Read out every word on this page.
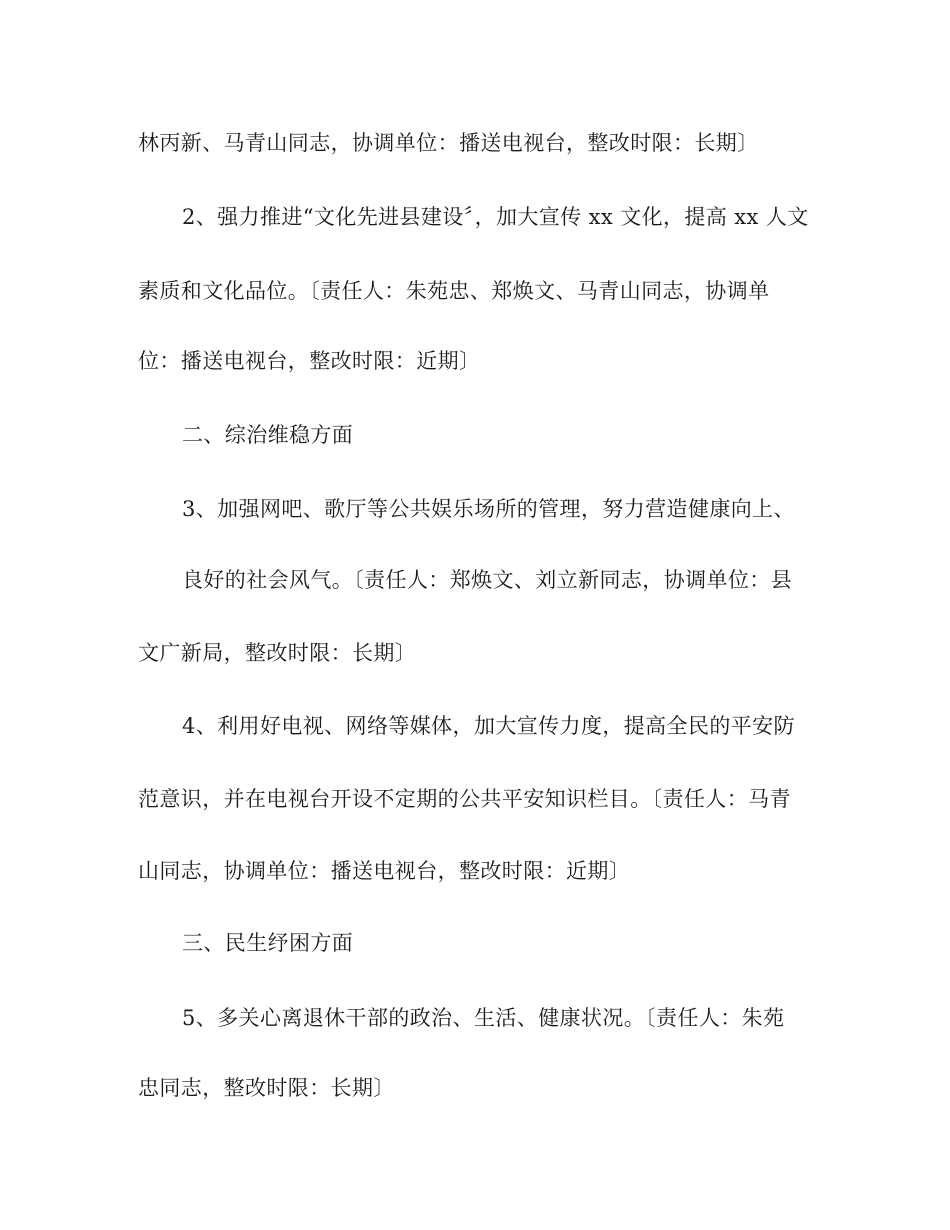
林丙新、马青山同志，协调单位：播送电视台，整改时限：长期〕
2、强力推进“文化先进县建设〞，加大宣传 xx 文化，提高 xx 人文
素质和文化品位。〔责任人：朱苑忠、郑焕文、马青山同志，协调单
位：播送电视台，整改时限：近期〕
二、综治维稳方面
3、加强网吧、歌厅等公共娱乐场所的管理，努力营造健康向上、
良好的社会风气。〔责任人：郑焕文、刘立新同志，协调单位：县
文广新局，整改时限：长期〕
4、利用好电视、网络等媒体，加大宣传力度，提高全民的平安防
范意识，并在电视台开设不定期的公共平安知识栏目。〔责任人：马青
山同志，协调单位：播送电视台，整改时限：近期〕
三、民生纾困方面
5、多关心离退休干部的政治、生活、健康状况。〔责任人：朱苑
忠同志，整改时限：长期〕
